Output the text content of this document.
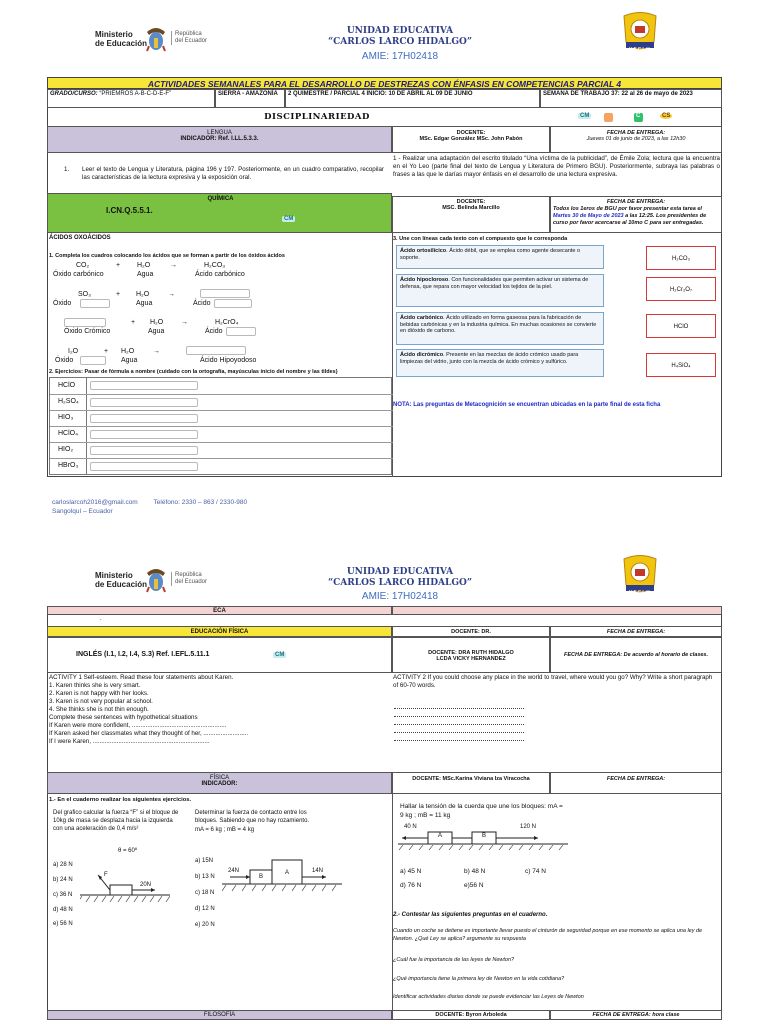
Ministerio
de Educación
República
del Ecuador
UNIDAD EDUCATIVA
“CARLOS LARCO HIDALGO”
AMIE: 17H02418
U.E.C.L.H.
ACTIVIDADES SEMANALES PARA EL DESARROLLO DE DESTREZAS CON ÉNFASIS EN COMPETENCIAS PARCIAL 4
GRADO/CURSO: “PRIEMROS A-B-C-D-E-F”	SIERRA - AMAZONÍA	2 QUIMESTRE / PARCIAL 4 INICIO: 10 DE ABRIL AL 09 DE JUNIO	SEMANA DE TRABAJO 37: 22 al 26 de mayo de 2023
DISCIPLINARIEDAD	CM	C	CS
LENGUA
INDICADOR: Ref. I.LL.5.3.3.
DOCENTE:
MSc. Edgar González MSc. John Pabón
FECHA DE ENTREGA:
Jueves 01 de junio de 2023, a las 12h30
1. Leer el texto de Lengua y Literatura, página 196 y 197. Posteriormente, en un cuadro comparativo, recopilar las características de la lectura expresiva y la exposición oral.
1 - Realizar una adaptación del escrito titulado “Una víctima de la publicidad”, de Émile Zola; lectura que la encuentra en el Yo Leo (parte final del texto de Lengua y Literatura de Primero BGU). Posteriormente, subraya las palabras o frases a las que le darías mayor énfasis en el desarrollo de una lectura expresiva.
QUÍMICA
I.CN.Q.5.5.1.
CM
DOCENTE:
MSC. Belinda Marcillo
FECHA DE ENTREGA:
Todos los 1eros de BGU por favor presentar esta tarea el Martes 30 de Mayo de 2023 a las 12:25. Los presidentes de curso por favor acercarse al 10mo C para ser entregadas.
ÁCIDOS OXOÁCIDOS
1. Completa los cuadros colocando los ácidos que se forman a partir de los óxidos ácidos
CO₂	+ H₂O	→	H₂CO₃
Óxido carbónico	Agua	Ácido carbónico
SO₃	+ H₂O	→
Óxido	Agua	Ácido
+ H₂O	→	H₂CrO₄
Óxido Crómico	Agua	Ácido
I₂O	+ H₂O	→
Óxido	Agua	Ácido Hipoyodoso
2. Ejercicios: Pasar de fórmula a nombre (cuidado con la ortografía, mayúsculas inicio del nombre y las tildes)
HClO
H₂SO₄
HIO₃
HClO₄
HIO₂
HBrO₃
3. Une con líneas cada texto con el compuesto que le corresponda
Ácido ortosilícico. Ácido débil, que se emplea como agente desecante o soporte.
Ácido hipocloroso. Con funcionalidades que permiten activar un sistema de defensa, que repara con mayor velocidad los tejidos de la piel.
Ácido carbónico. Ácido utilizado en forma gaseosa para la fabricación de bebidas carbónicas y en la industria química. En muchas ocasiones se convierte en dióxido de carbono.
Ácido dicrómico. Presente en las mezclas de ácido crómico usado para limpiezas del vidrio, junto con la mezcla de ácido crómico y sulfúrico.
H₂CO₃
H₂Cr₂O₇
HClO
H₄SiO₄
NOTA: Las preguntas de Metacognición se encuentran ubicadas en la parte final de esta ficha
carloslarcoh2016@gmail.com Teléfono: 2330 – 863 / 2330-980
Sangolquí – Ecuador
Ministerio
de Educación
República
del Ecuador
UNIDAD EDUCATIVA
“CARLOS LARCO HIDALGO”
AMIE: 17H02418	U.E.C.L.H.
ECA
.
EDUCACIÓN FÍSICA	DOCENTE: DR.	FECHA DE ENTREGA:
INGLÉS (I.1, I.2, I.4, S.3) Ref. I.EFL.5.11.1	CM	DOCENTE: DRA RUTH HIDALGO
LCDA VICKY HERNANDEZ
FECHA DE ENTREGA: De acuerdo al horario de clases.
ACTIVITY 1 Self-esteem. Read these four statements about Karen.
1. Karen thinks she is very smart.
2. Karen is not happy with her looks.
3. Karen is not very popular at school.
4. She thinks she is not thin enough.
Complete these sentences with hypothetical situations
If Karen were more confident, .......................................................
If Karen asked her classmates what they thought of her, ..........................
If I were Karen, ....................................................................
ACTIVITY 2 If you could choose any place in the world to travel, where would you go? Why? Write a short paragraph of 60-70 words.
FÍSICA
INDICADOR:
DOCENTE: MSc.Karina Viviana Iza Viracocha	FECHA DE ENTREGA:
1.- En el cuaderno realizar los siguientes ejercicios.
Del grafico calcular la fuerza “F” si el bloque de 10kg de masa se desplaza hacia la izquierda con una aceleración de 0,4 m/s²
θ = 60º
a) 28 N
b) 24 N
c) 36 N
d) 48 N
e) 56 N
F
20N
Determinar la fuerza de contacto entre los bloques. Sabiendo que no hay rozamiento.
mA = 6 kg ; mB = 4 kg
a) 15N
b) 13 N
c) 18 N
d) 12 N
e) 20 N
24N
B
A	14N
Hallar la tensión de la cuerda que une los bloques: mA = 9 kg ; mB = 11 kg
40 N
A	B
120 N
a) 45 N	b) 48 N	c) 74 N
d) 76 N	e)56 N
2.- Contestar las siguientes preguntas en el cuaderno.
Cuando un coche se detiene es importante llevar puesto el cinturón de seguridad porque en ese momento se aplica una ley de Newton. ¿Qué Ley se aplica? argumente su respuesta
¿Cuál fue la importancia de las leyes de Newton?
¿Qué importancia tiene la primera ley de Newton en la vida cotidiana?
Identificar actividades diarias donde se puede evidenciar las Leyes de Newton
FILOSOFÍA	DOCENTE: Byron Arboleda	FECHA DE ENTREGA: hora clase
